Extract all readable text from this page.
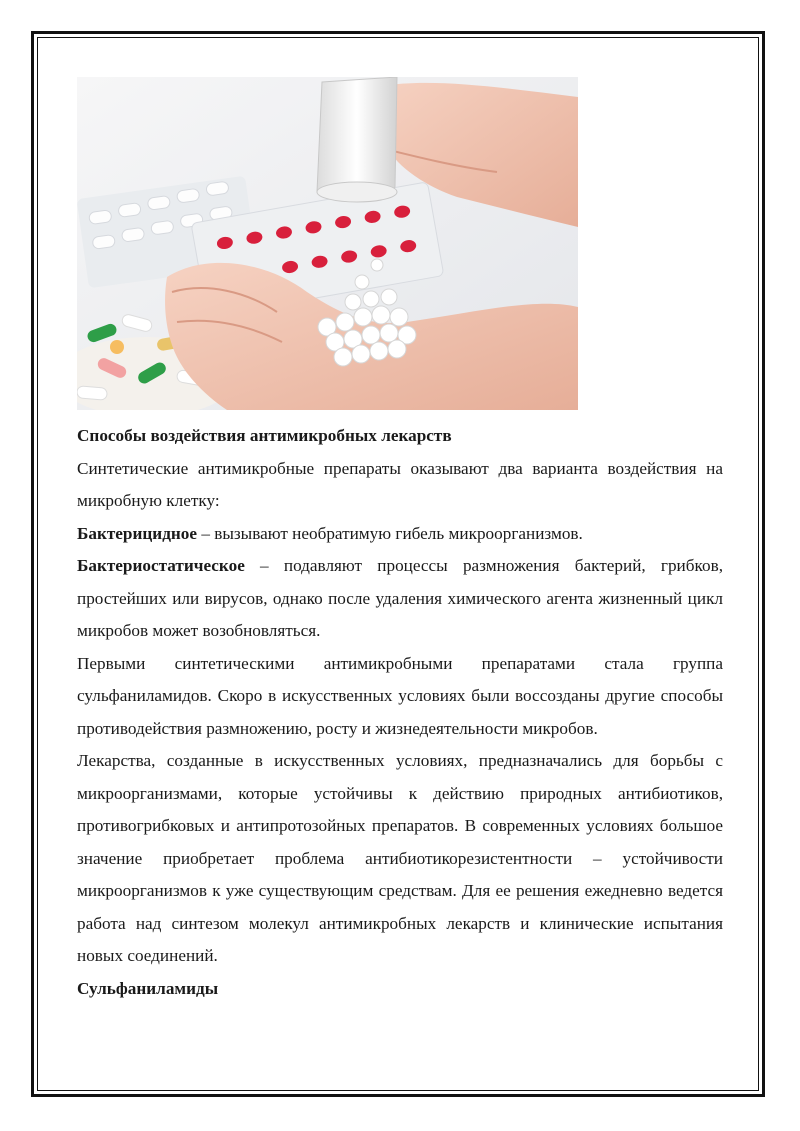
Способы воздействия антимикробных лекарств

Синтетические антимикробные препараты оказывают два варианта воздействия на микробную клетку:

Бактерицидное – вызывают необратимую гибель микроорганизмов.

Бактериостатическое – подавляют процессы размножения бактерий, грибков, простейших или вирусов, однако после удаления химического агента жизненный цикл микробов может возобновляться.

Первыми синтетическими антимикробными препаратами стала группа сульфаниламидов. Скоро в искусственных условиях были воссозданы другие способы противодействия размножению, росту и жизнедеятельности микробов.

Лекарства, созданные в искусственных условиях, предназначались для борьбы с микроорганизмами, которые устойчивы к действию природных антибиотиков, противогрибковых и антипротозойных препаратов. В современных условиях большое значение приобретает проблема антибиотикорезистентности – устойчивости микроорганизмов к уже существующим средствам. Для ее решения ежедневно ведется работа над синтезом молекул антимикробных лекарств и клинические испытания новых соединений.

Сульфаниламиды
